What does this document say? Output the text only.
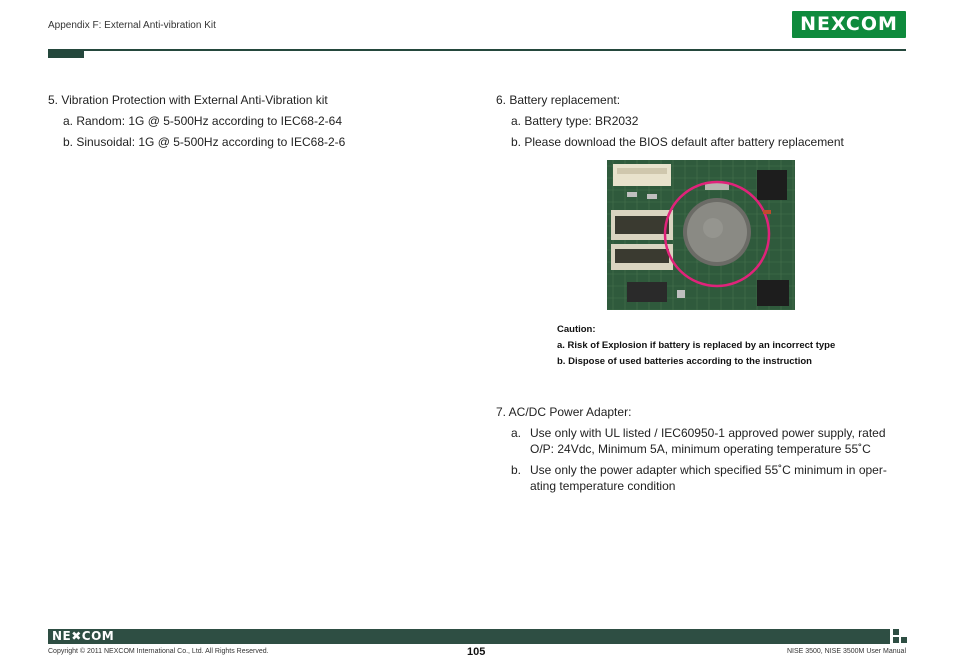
Appendix F: External Anti-vibration Kit	NEXCOM
5. Vibration Protection with External Anti-Vibration kit
a. Random: 1G @ 5-500Hz according to IEC68-2-64
b. Sinusoidal: 1G @ 5-500Hz according to IEC68-2-6
6. Battery replacement:
a. Battery type: BR2032
b. Please download the BIOS default after battery replacement
Caution:
a. Risk of Explosion if battery is replaced by an incorrect type
b. Dispose of used batteries according to the instruction
7. AC/DC Power Adapter:
a. Use only with UL listed / IEC60950-1 approved power supply, rated O/P: 24Vdc, Minimum 5A, minimum operating temperature 55˚C
b. Use only the power adapter which specified 55˚C minimum in oper-ating temperature condition
NE✖COM
Copyright © 2011 NEXCOM International Co., Ltd. All Rights Reserved.	105	NISE 3500, NISE 3500M User Manual
